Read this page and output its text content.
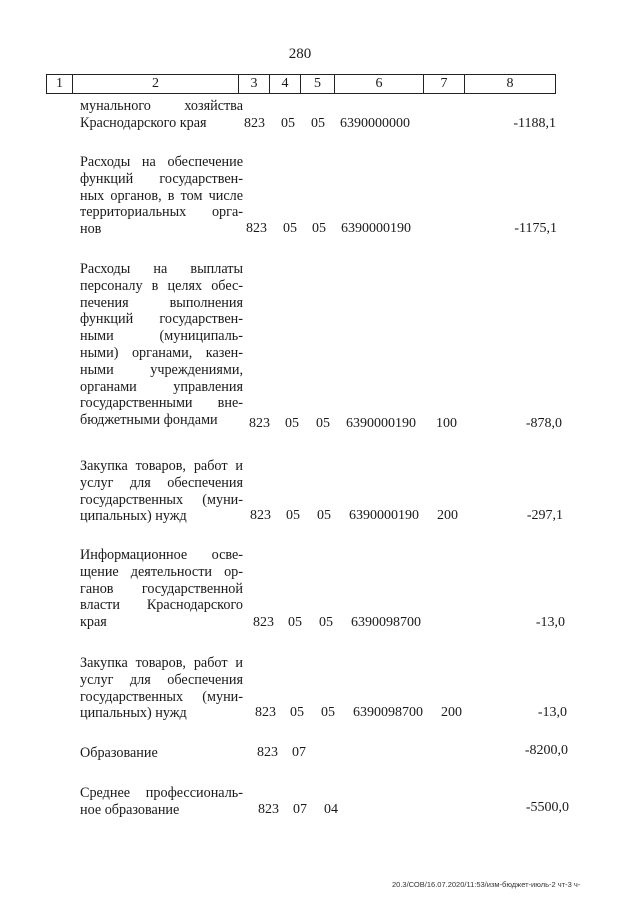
280
1	2	3	4	5	6	7	8
мунального хозяйства
Краснодарского края	823 05 05 6390000000	-1188,1
Расходы на обеспечение
функций государствен-
ных органов, в том числе
территориальных орга-
нов	823 05 05 6390000190	-1175,1
Расходы на выплаты
персоналу в целях обес-
печения выполнения
функций государствен-
ными (муниципаль-
ными) органами, казен-
ными учреждениями,
органами управления
государственными вне-
бюджетными фондами	823 05 05 6390000190 100	-878,0
Закупка товаров, работ и
услуг для обеспечения
государственных (муни-
ципальных) нужд	823 05 05 6390000190 200	-297,1
Информационное осве-
щение деятельности ор-
ганов государственной
власти Краснодарского
края	823 05 05 6390098700	-13,0
Закупка товаров, работ и
услуг для обеспечения
государственных (муни-
ципальных) нужд	823 05 05 6390098700 200	-13,0
Образование	823 07	-8200,0
Среднее профессиональ-
ное образование	823 07 04	-5500,0
20.3/СОВ/16.07.2020/11:53/изм-бюджет-июль-2 чт-3 ч-
